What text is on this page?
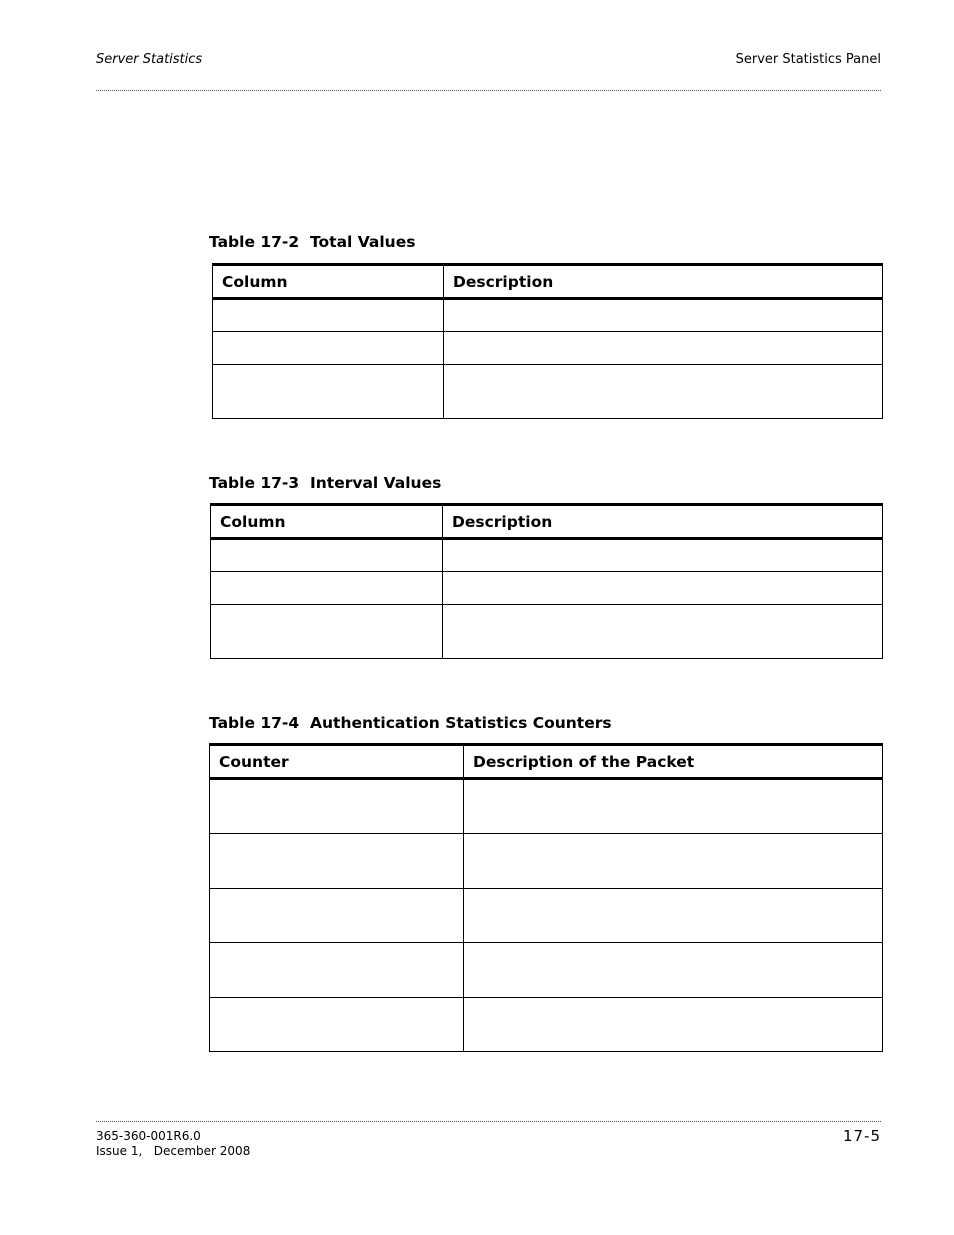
Server Statistics	Server Statistics Panel
Table 17-2 Total Values
Column	Description

Table 17-3 Interval Values
Column	Description

Table 17-4 Authentication Statistics Counters
Counter	Description of the Packet

365-360-001R6.0
Issue 1, December 2008
17-5
